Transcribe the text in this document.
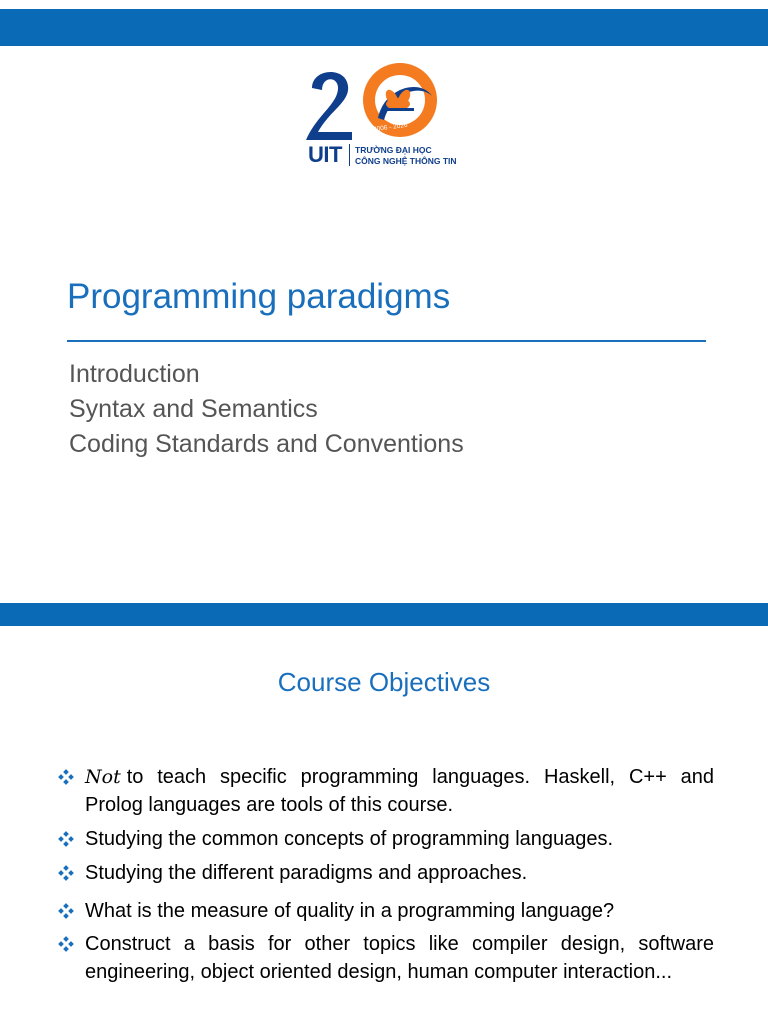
2006 - 2026
UIT TRƯỜNG ĐẠI HỌC
CÔNG NGHỆ THÔNG TIN
Programming paradigms
Introduction
Syntax and Semantics
Coding Standards and Conventions
Course Objectives
Not to teach specific programming languages. Haskell, C++ and Prolog languages are tools of this course.
Studying the common concepts of programming languages.
Studying the different paradigms and approaches.
What is the measure of quality in a programming language?
Construct a basis for other topics like compiler design, software engineering, object oriented design, human computer interaction...
